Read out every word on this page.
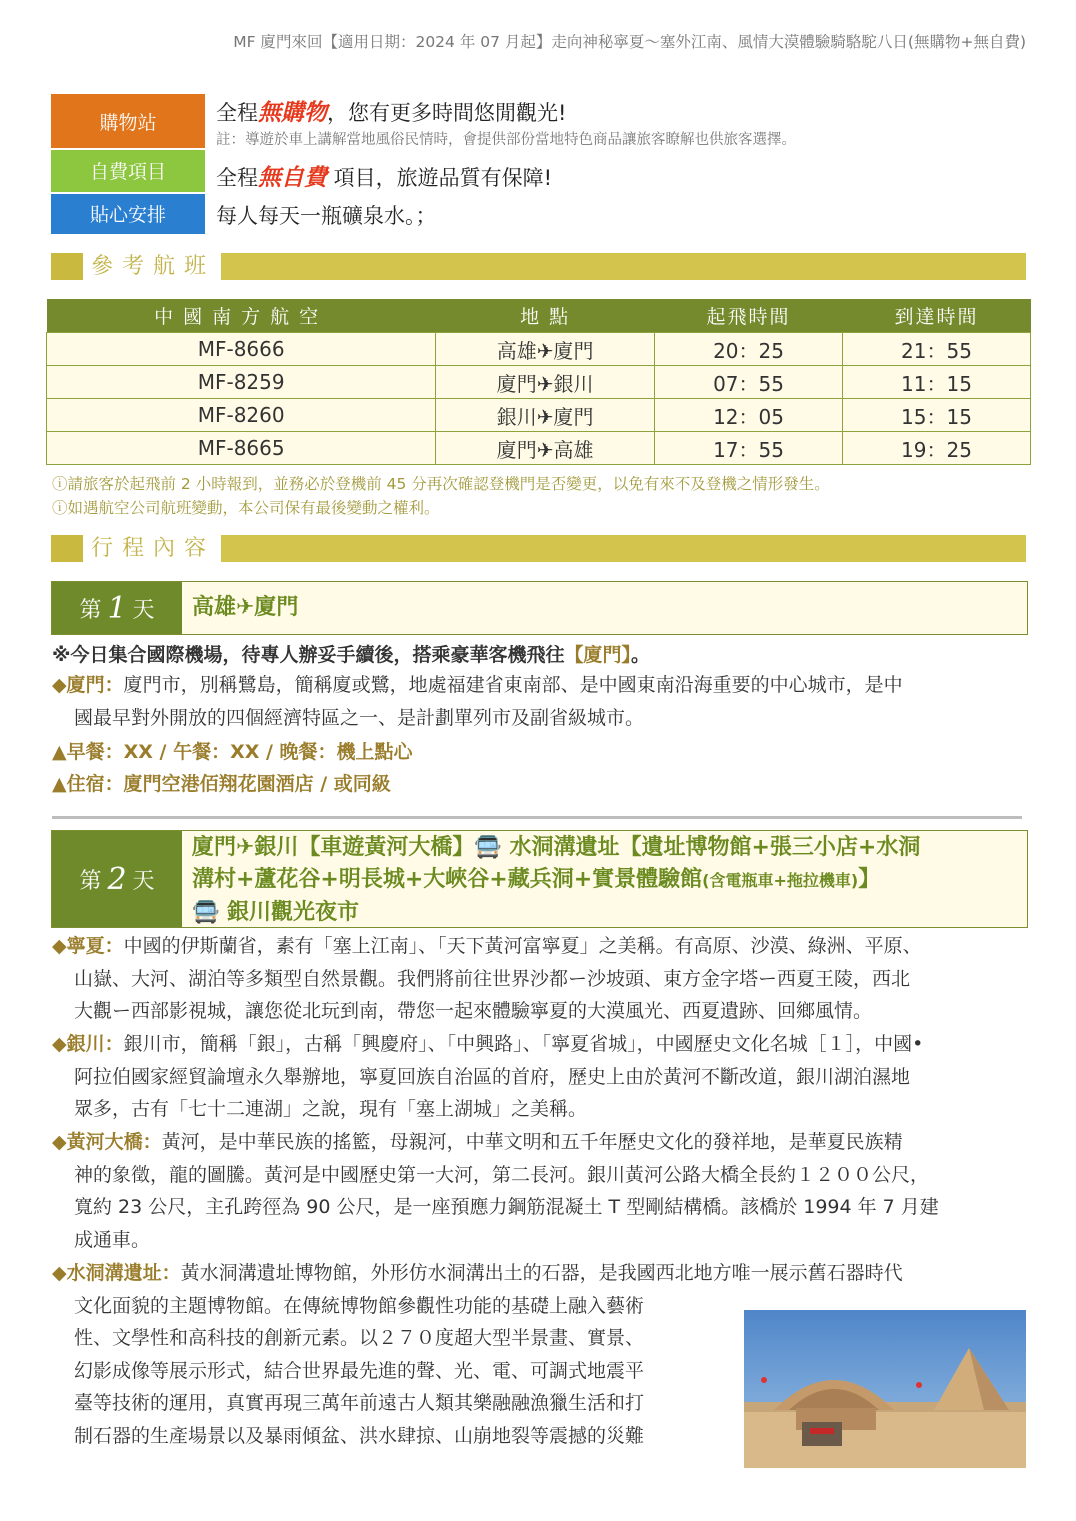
MF 廈門來回【適用日期：2024 年 07 月起】走向神秘寧夏～塞外江南、風情大漠體驗騎駱駝八日(無購物+無自費)
購物站	全程無購物，您有更多時間悠閒觀光!
註：導遊於車上講解當地風俗民情時，會提供部份當地特色商品讓旅客瞭解也供旅客選擇。
自費項目	全程無自費 項目，旅遊品質有保障!
貼心安排	每人每天一瓶礦泉水。；
參考航班
中國南方航空	地 點	起飛時間	到達時間
MF-8666	高雄✈廈門	20：25	21：55
MF-8259	廈門✈銀川	07：55	11：15
MF-8260	銀川✈廈門	12：05	15：15
MF-8665	廈門✈高雄	17：55	19：25
ⓘ請旅客於起飛前 2 小時報到，並務必於登機前 45 分再次確認登機門是否變更，以免有來不及登機之情形發生。
ⓘ如遇航空公司航班變動，本公司保有最後變動之權利。
行程內容
第 1 天 高雄✈廈門
※今日集合國際機場，待專人辦妥手續後，搭乘豪華客機飛往【廈門】。
◆廈門：廈門市，別稱鷺島，簡稱廈或鷺，地處福建省東南部、是中國東南沿海重要的中心城市，是中
國最早對外開放的四個經濟特區之一、是計劃單列市及副省級城市。
▲早餐：XX / 午餐：XX / 晚餐：機上點心
▲住宿：廈門空港佰翔花園酒店 / 或同級
第 2 天
廈門✈銀川【車遊黃河大橋】🚍 水洞溝遺址【遺址博物館+張三小店+水洞
溝村+蘆花谷+明長城+大峽谷+藏兵洞+實景體驗館(含電瓶車+拖拉機車)】
🚍 銀川觀光夜市
◆寧夏：中國的伊斯蘭省，素有「塞上江南」、「天下黃河富寧夏」之美稱。有高原、沙漠、綠洲、平原、
山嶽、大河、湖泊等多類型自然景觀。我們將前往世界沙都ー沙坡頭、東方金字塔ー西夏王陵，西北
大觀ー西部影視城，讓您從北玩到南，帶您一起來體驗寧夏的大漠風光、西夏遺跡、回鄉風情。
◆銀川：銀川市，簡稱「銀」，古稱「興慶府」、「中興路」、「寧夏省城」，中國歷史文化名城［１］，中國•
阿拉伯國家經貿論壇永久舉辦地，寧夏回族自治區的首府，歷史上由於黃河不斷改道，銀川湖泊濕地
眾多，古有「七十二連湖」之說，現有「塞上湖城」之美稱。
◆黃河大橋：黃河，是中華民族的搖籃，母親河，中華文明和五千年歷史文化的發祥地，是華夏民族精
神的象徵，龍的圖騰。黃河是中國歷史第一大河，第二長河。銀川黃河公路大橋全長約１２００公尺，
寬約 23 公尺，主孔跨徑為 90 公尺，是一座預應力鋼筋混凝土 T 型剛結構橋。該橋於 1994 年 7 月建
成通車。
◆水洞溝遺址：黃水洞溝遺址博物館，外形仿水洞溝出土的石器，是我國西北地方唯一展示舊石器時代
文化面貌的主題博物館。在傳統博物館參觀性功能的基礎上融入藝術
性、文學性和高科技的創新元素。以２７０度超大型半景畫、實景、
幻影成像等展示形式，結合世界最先進的聲、光、電、可調式地震平
臺等技術的運用，真實再現三萬年前遠古人類其樂融融漁獵生活和打
制石器的生產場景以及暴雨傾盆、洪水肆掠、山崩地裂等震撼的災難
